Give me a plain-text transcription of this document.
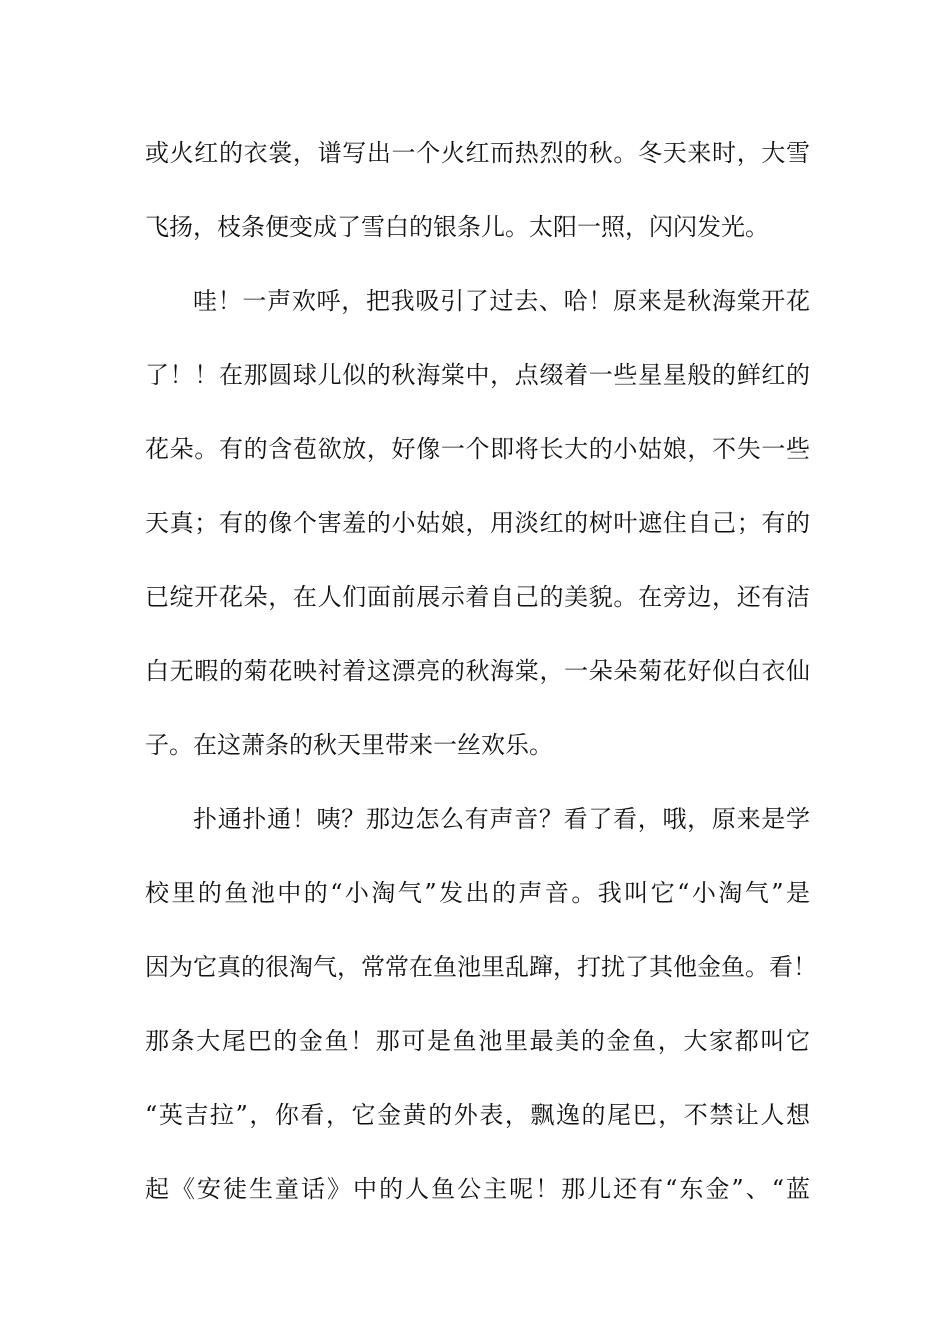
或火红的衣裳，谱写出一个火红而热烈的秋。冬天来时，大雪
飞扬，枝条便变成了雪白的银条儿。太阳一照，闪闪发光。
哇！一声欢呼，把我吸引了过去、哈！原来是秋海棠开花
了！！在那圆球儿似的秋海棠中，点缀着一些星星般的鲜红的
花朵。有的含苞欲放，好像一个即将长大的小姑娘，不失一些
天真；有的像个害羞的小姑娘，用淡红的树叶遮住自己；有的
已绽开花朵，在人们面前展示着自己的美貌。在旁边，还有洁
白无暇的菊花映衬着这漂亮的秋海棠，一朵朵菊花好似白衣仙
子。在这萧条的秋天里带来一丝欢乐。
扑通扑通！咦？那边怎么有声音？看了看，哦，原来是学
校里的鱼池中的“小淘气”发出的声音。我叫它“小淘气”是
因为它真的很淘气，常常在鱼池里乱蹿，打扰了其他金鱼。看！
那条大尾巴的金鱼！那可是鱼池里最美的金鱼，大家都叫它
“英吉拉”，你看，它金黄的外表，飘逸的尾巴，不禁让人想
起《安徒生童话》中的人鱼公主呢！那儿还有“东金”、“蓝
